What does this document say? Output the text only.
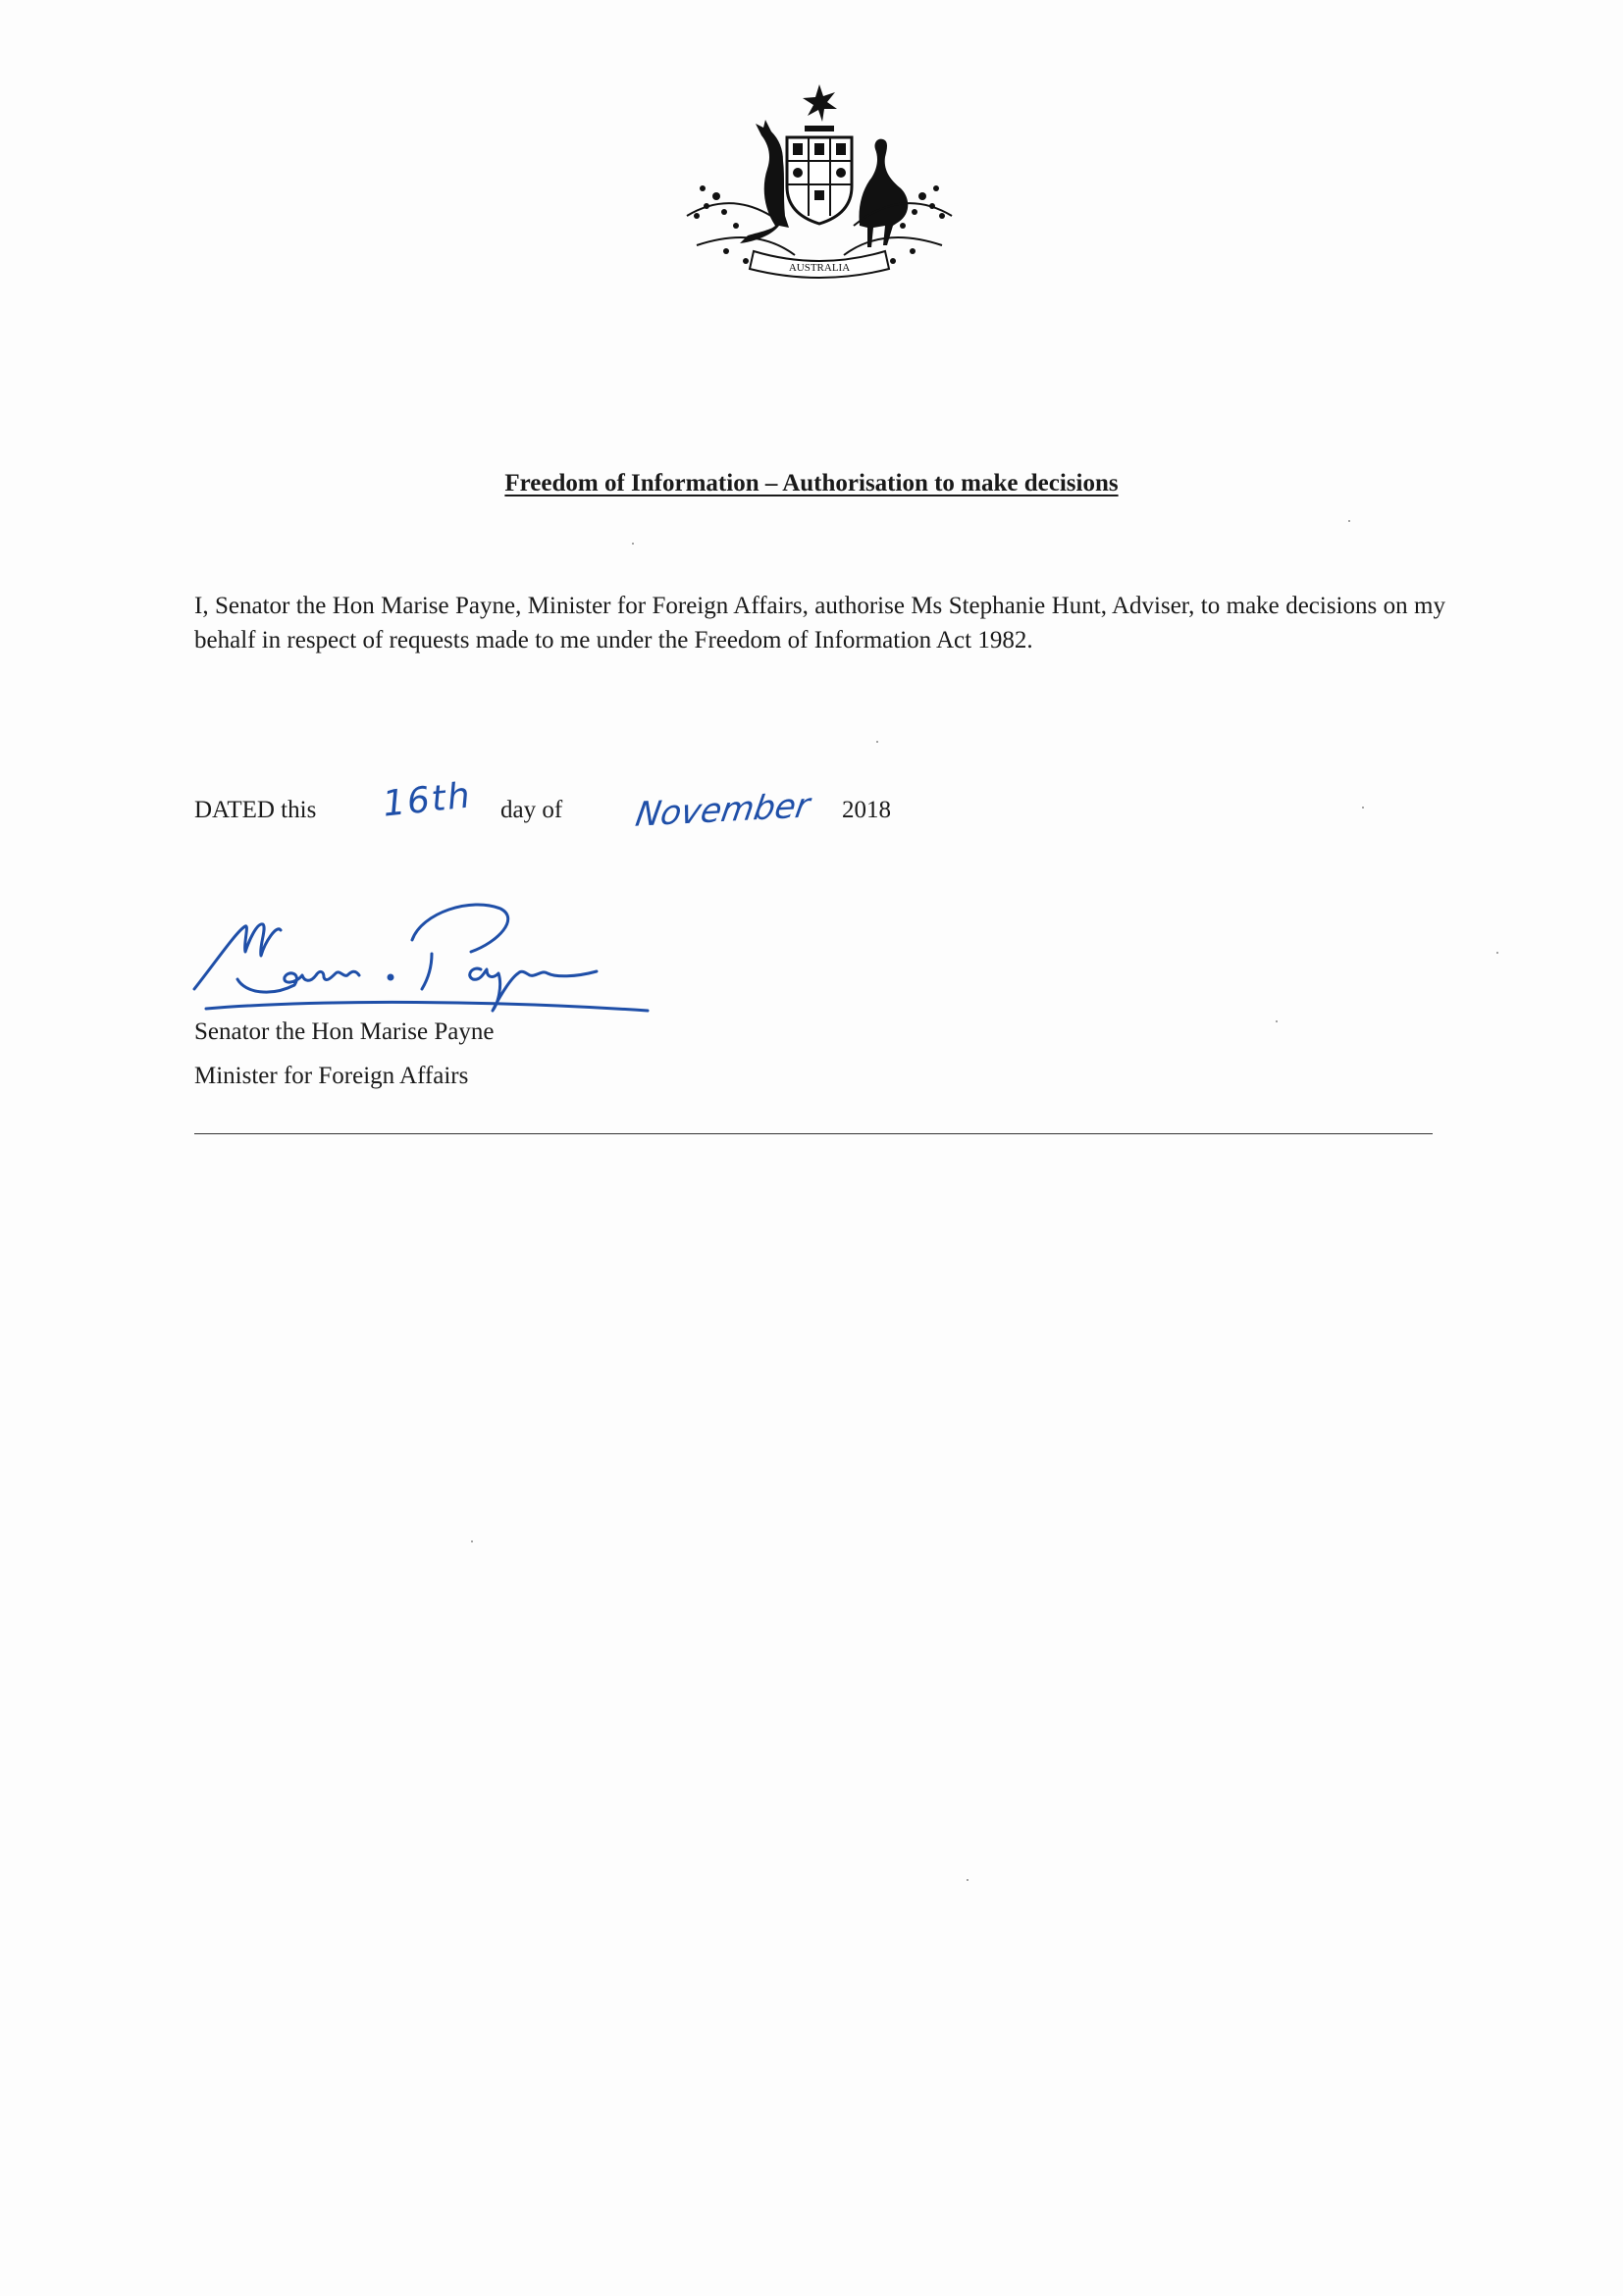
AUSTRALIA
Freedom of Information – Authorisation to make decisions
I, Senator the Hon Marise Payne, Minister for Foreign Affairs, authorise Ms Stephanie Hunt, Adviser, to make decisions on my behalf in respect of requests made to me under the Freedom of Information Act 1982.
DATED this 16th day of November 2018
Senator the Hon Marise Payne
Minister for Foreign Affairs
